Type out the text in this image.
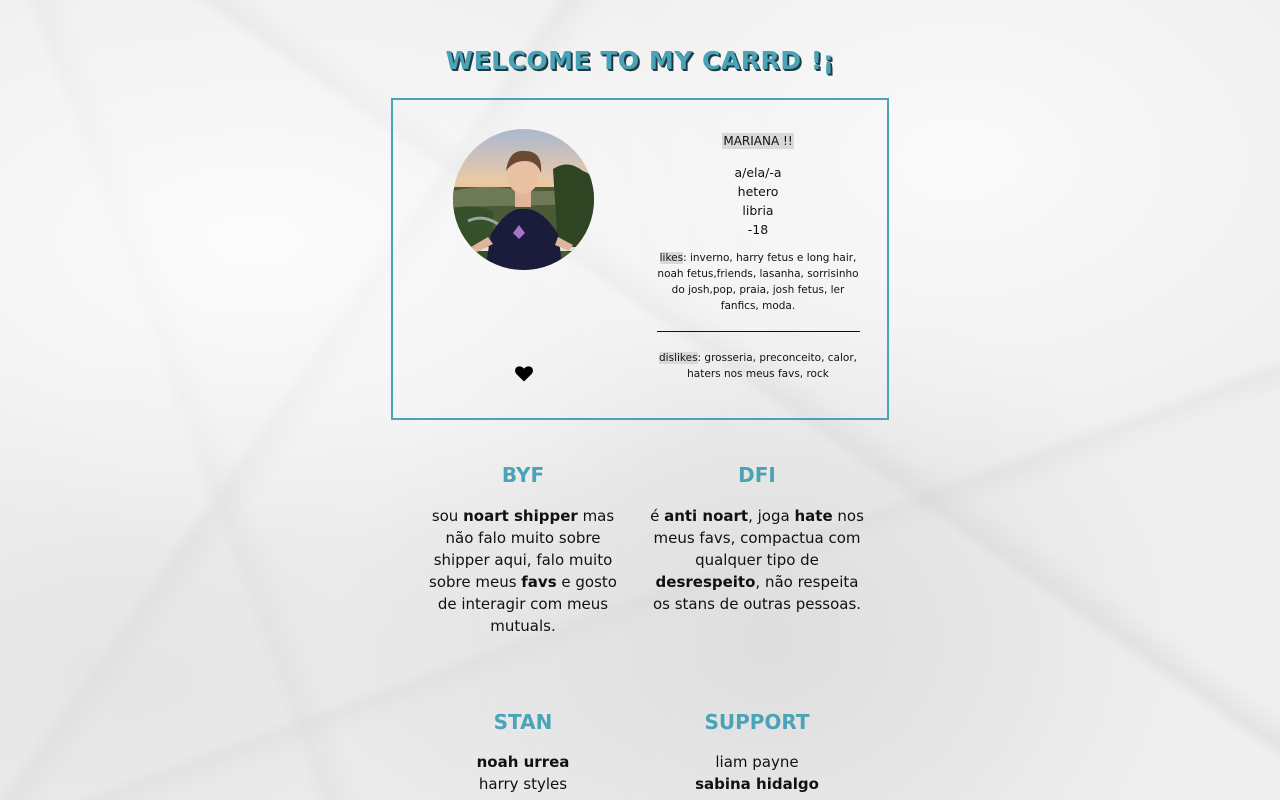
WELCOME TO MY CARRD !¡
MARIANA !!
a/ela/-a
hetero
libria
-18
likes: inverno, harry fetus e long hair, noah fetus,friends, lasanha, sorrisinho do josh,pop, praia, josh fetus, ler fanfics, moda.
dislikes: grosseria, preconceito, calor, haters nos meus favs, rock
BYF
sou noart shipper mas não falo muito sobre shipper aqui, falo muito sobre meus favs e gosto de interagir com meus mutuals.
DFI
é anti noart, joga hate nos meus favs, compactua com qualquer tipo de desrespeito, não respeita os stans de outras pessoas.
STAN
noah urrea
harry styles
SUPPORT
liam payne
sabina hidalgo
